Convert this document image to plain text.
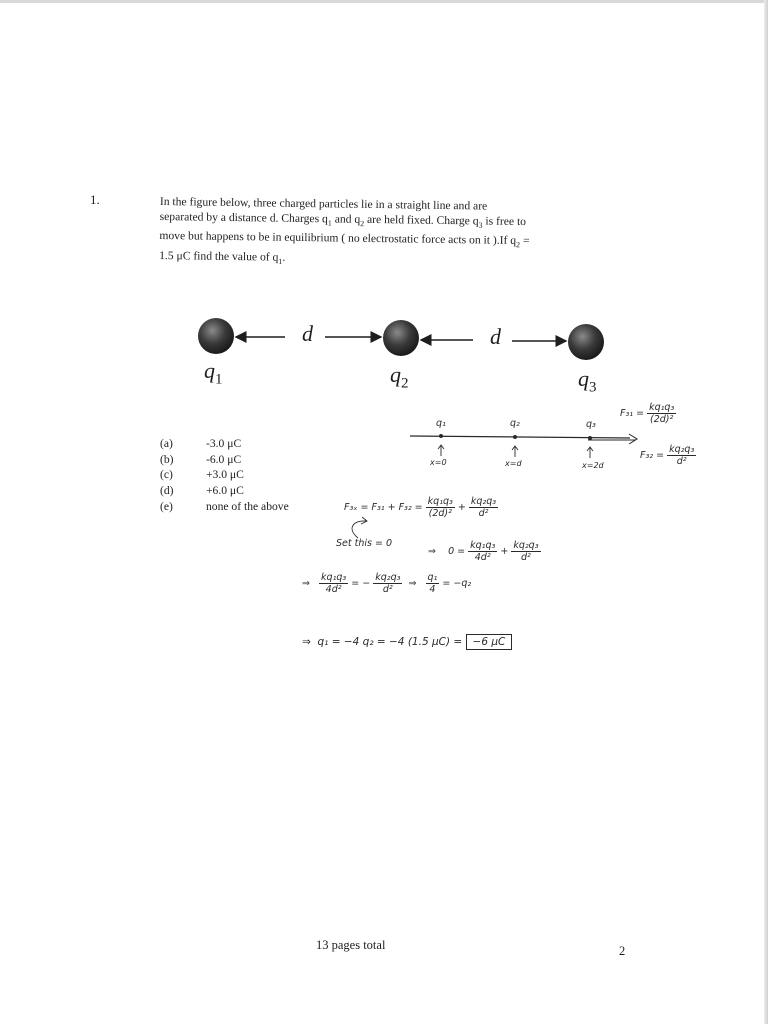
1.	In the figure below, three charged particles lie in a straight line and are
separated by a distance d. Charges $q_1$ and $q_2$ are held fixed. Charge $q_3$ is free to
move but happens to be in equilibrium ( no electrostatic force acts on it ).If $q_2$ =
1.5 μC find the value of $q_1$.
d	d
$q_1$	$q_2$	$q_3$
(a)	-3.0 μC
(b)	-6.0 μC
(c)	+3.0 μC
(d)	+6.0 μC
(e)	none of the above
q₁	q₂	q₃
x=0	x=d	x=2d
$F_{31} = \frac{\text{kq₁q₃}}{\text{(2d)²}}$
$F_{32} = \frac{\text{kq₂q₃}}{\text{d²}}$
$F_{3x} = F_{31} + F_{32} = \frac{\text{kq₁q₃}}{\text{(2d)²}} + \frac{\text{kq₂q₃}}{\text{d²}}$
Set this = 0
⇒ $0 = \frac{\text{kq₁q₃}}{\text{4d²}} + \frac{\text{kq₂q₃}}{\text{d²}}$
⇒ $\frac{\text{kq₁q₃}}{\text{4d²}}$ = − $\frac{\text{kq₂q₃}}{\text{d²}}$ ⇒ $\frac{\text{q₁}}{4} = -q_2$
⇒ q₁ = −4 q₂ = −4 (1.5 μC) = −6 μC
13 pages total	2
